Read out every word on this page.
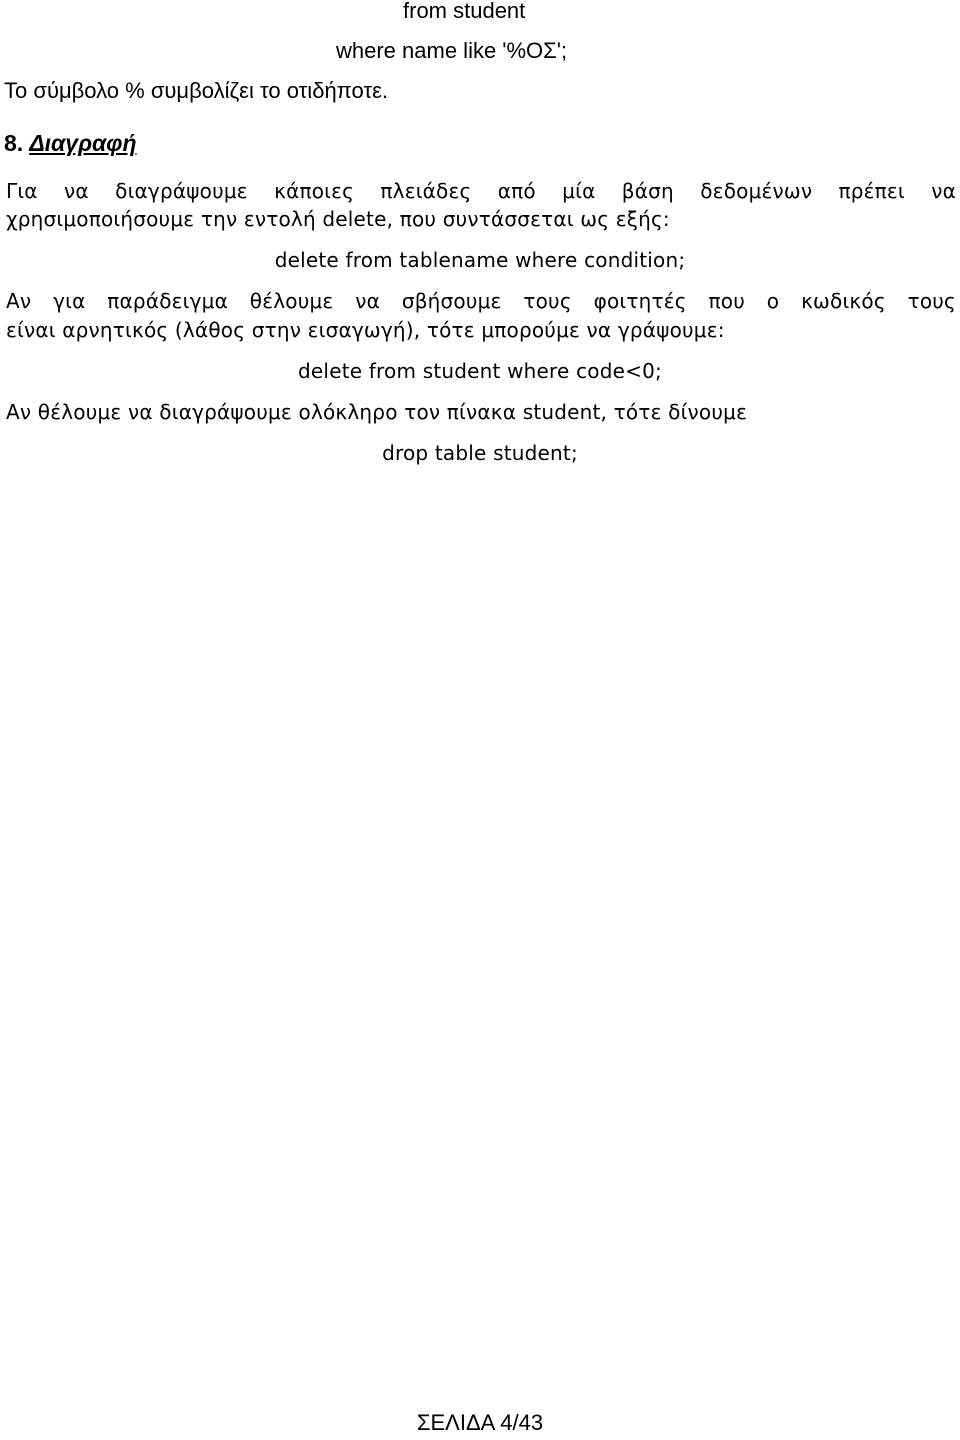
from student

where name like '%ΟΣ';

Το σύμβολο % συμβολίζει το οτιδήποτε.

8. Διαγραφή

Για να διαγράψουμε κάποιες πλειάδες από μία βάση δεδομένων πρέπει να

χρησιμοποιήσουμε την εντολή delete, που συντάσσεται ως εξής:

delete from tablename where condition;

Αν για παράδειγμα θέλουμε να σβήσουμε τους φοιτητές που ο κωδικός τους

είναι αρνητικός (λάθος στην εισαγωγή), τότε μπορούμε να γράψουμε:

delete from student where code<0;

Αν θέλουμε να διαγράψουμε ολόκληρο τον πίνακα student, τότε δίνουμε

drop table student;

ΣΕΛΙΔΑ 4/43
